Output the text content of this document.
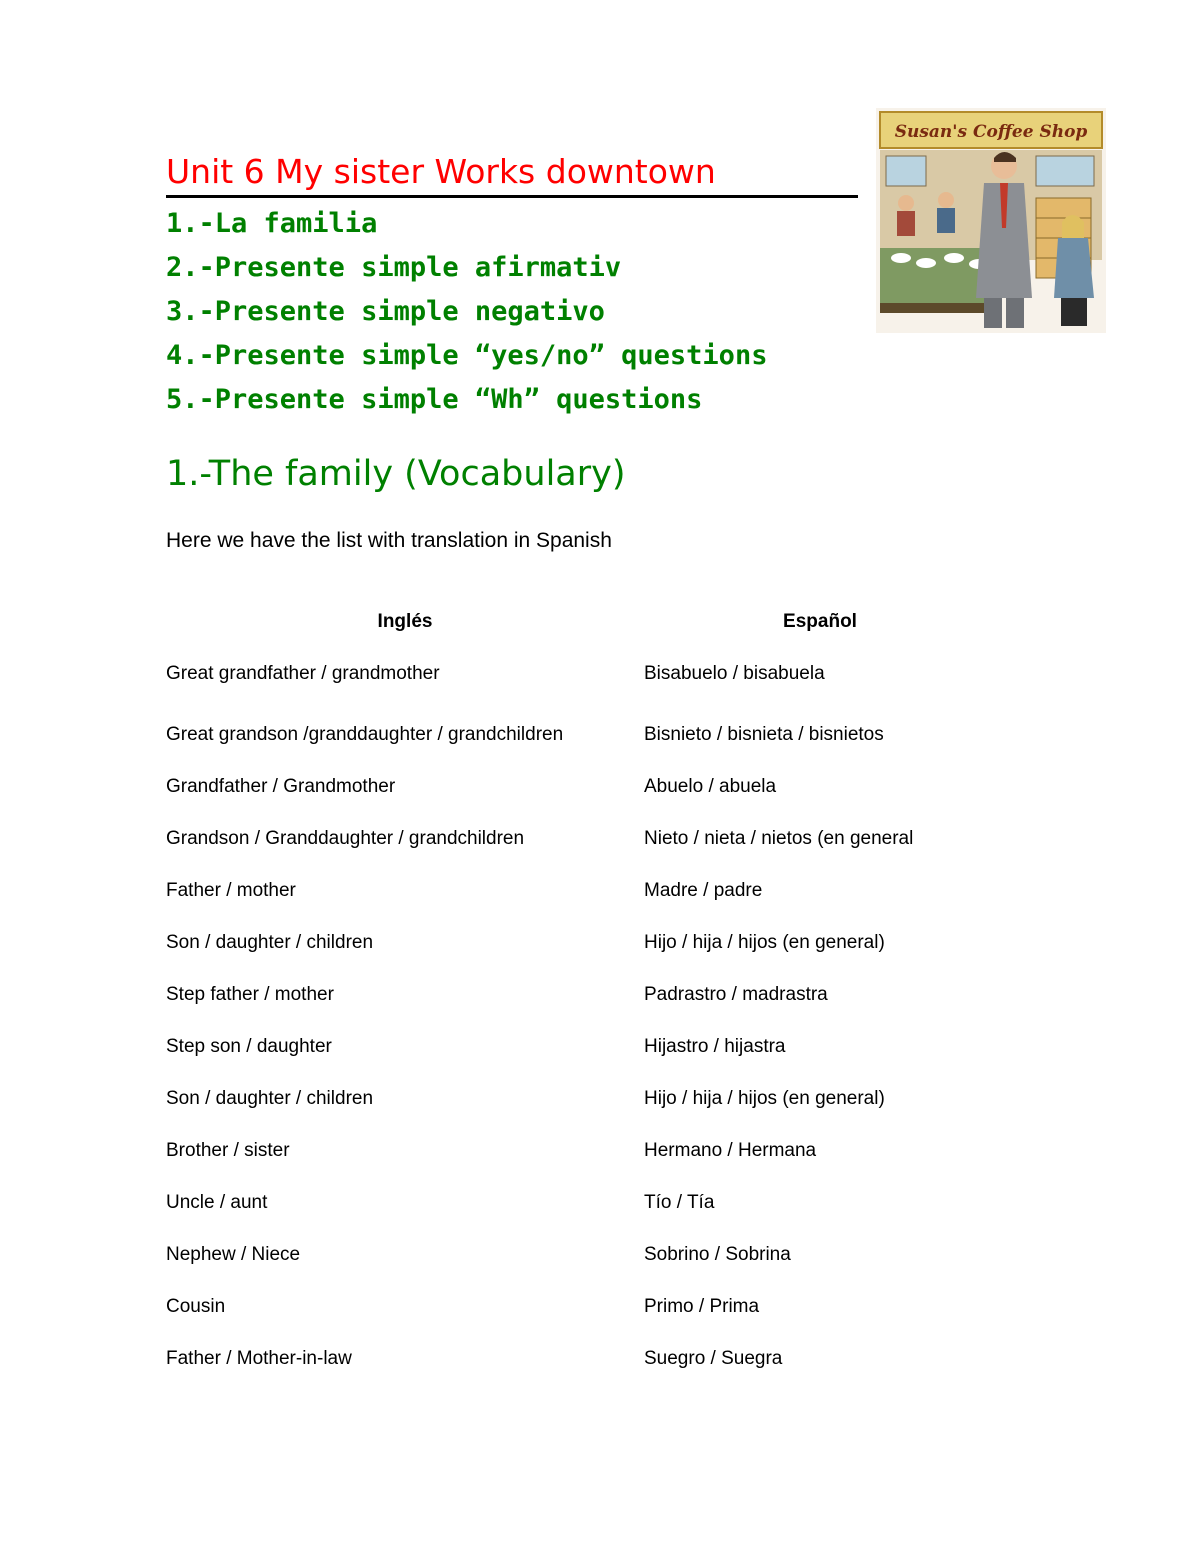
Unit 6 My sister Works downtown
1.-La familia
2.-Presente simple afirmativ
3.-Presente simple negativo
4.-Presente simple “yes/no” questions
5.-Presente simple “Wh” questions
Susan's Coffee Shop
1.-The family (Vocabulary)
Here we have the list with translation in Spanish
Inglés	Español
Great grandfather / grandmother	Bisabuelo / bisabuela
Great grandson /granddaughter / grandchildren	Bisnieto / bisnieta / bisnietos
Grandfather / Grandmother	Abuelo / abuela
Grandson / Granddaughter / grandchildren	Nieto / nieta / nietos (en general
Father / mother	Madre / padre
Son / daughter / children	Hijo / hija / hijos (en general)
Step father / mother	Padrastro / madrastra
Step son / daughter	Hijastro / hijastra
Son / daughter / children	Hijo / hija / hijos (en general)
Brother / sister	Hermano / Hermana
Uncle / aunt	Tío / Tía
Nephew / Niece	Sobrino / Sobrina
Cousin	Primo / Prima
Father / Mother-in-law	Suegro / Suegra
